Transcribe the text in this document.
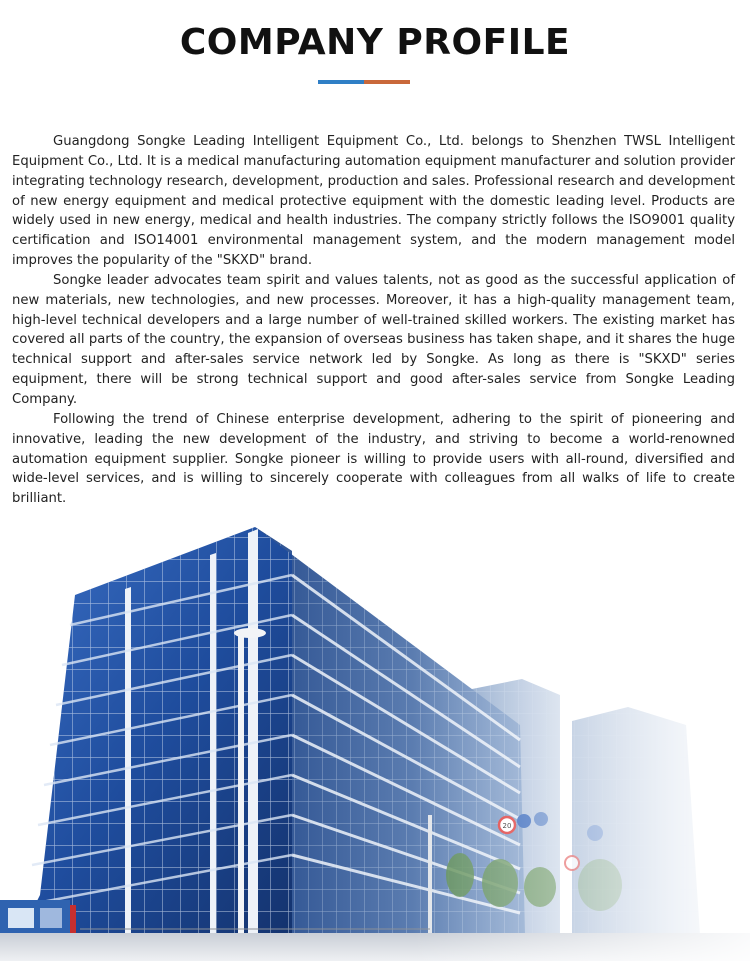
COMPANY PROFILE

Guangdong Songke Leading Intelligent Equipment Co., Ltd. belongs to Shenzhen TWSL Intelligent Equipment Co., Ltd. It is a medical manufacturing automation equipment manufacturer and solution provider integrating technology research, development, production and sales. Professional research and development of new energy equipment and medical protective equipment with the domestic leading level. Products are widely used in new energy, medical and health industries. The company strictly follows the ISO9001 quality certification and ISO14001 environmental management system, and the modern management model improves the popularity of the "SKXD" brand.

Songke leader advocates team spirit and values talents, not as good as the successful application of new materials, new technologies, and new processes. Moreover, it has a high-quality management team, high-level technical developers and a large number of well-trained skilled workers. The existing market has covered all parts of the country, the expansion of overseas business has taken shape, and it shares the huge technical support and after-sales service network led by Songke. As long as there is "SKXD" series equipment, there will be strong technical support and good after-sales service from Songke Leading Company.

Following the trend of Chinese enterprise development, adhering to the spirit of pioneering and innovative, leading the new development of the industry, and striving to become a world-renowned automation equipment supplier. Songke pioneer is willing to provide users with all-round, diversified and wide-level services, and is willing to sincerely cooperate with colleagues from all walks of life to create brilliant.
